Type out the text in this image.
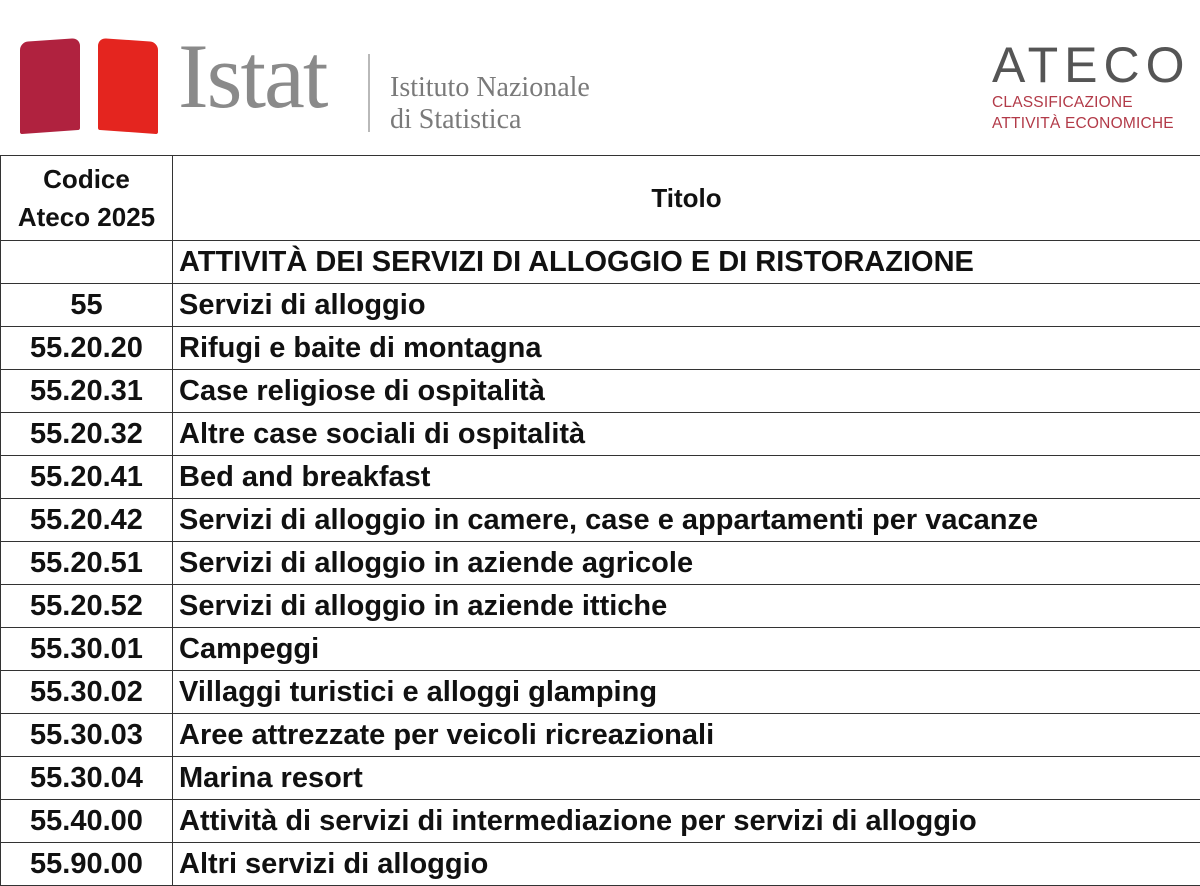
Istat Istituto Nazionale
di Statistica
ATECO
CLASSIFICAZIONE
ATTIVITÀ ECONOMICHE
Codice
Ateco 2025	Titolo
	ATTIVITÀ DEI SERVIZI DI ALLOGGIO E DI RISTORAZIONE
55	Servizi di alloggio
55.20.20	Rifugi e baite di montagna
55.20.31	Case religiose di ospitalità
55.20.32	Altre case sociali di ospitalità
55.20.41	Bed and breakfast
55.20.42	Servizi di alloggio in camere, case e appartamenti per vacanze
55.20.51	Servizi di alloggio in aziende agricole
55.20.52	Servizi di alloggio in aziende ittiche
55.30.01	Campeggi
55.30.02	Villaggi turistici e alloggi glamping
55.30.03	Aree attrezzate per veicoli ricreazionali
55.30.04	Marina resort
55.40.00	Attività di servizi di intermediazione per servizi di alloggio
55.90.00	Altri servizi di alloggio
